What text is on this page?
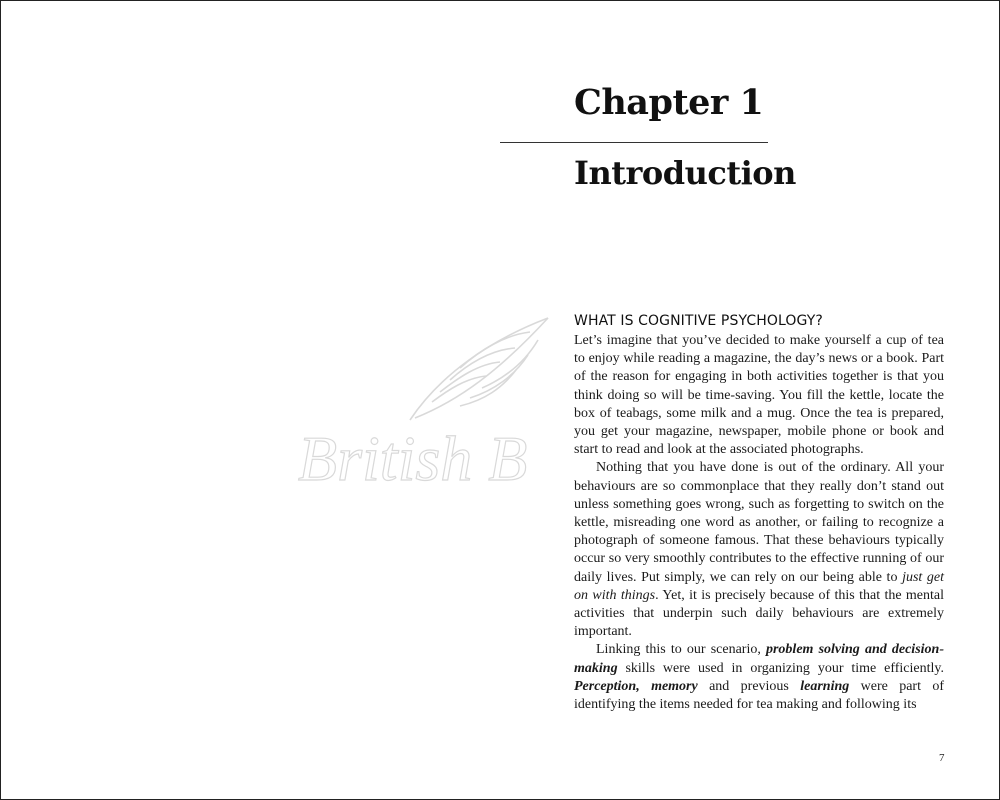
Chapter 1
Introduction
British B
WHAT IS COGNITIVE PSYCHOLOGY?

Let’s imagine that you’ve decided to make yourself a cup of tea to enjoy while reading a magazine, the day’s news or a book. Part of the reason for engaging in both activities together is that you think doing so will be time-saving. You fill the kettle, locate the box of teabags, some milk and a mug. Once the tea is prepared, you get your magazine, newspaper, mobile phone or book and start to read and look at the associated photographs.

Nothing that you have done is out of the ordinary. All your behaviours are so commonplace that they really don’t stand out unless something goes wrong, such as forgetting to switch on the kettle, misreading one word as another, or failing to recognize a photograph of someone famous. That these behaviours typically occur so very smoothly contributes to the effective running of our daily lives. Put simply, we can rely on our being able to just get on with things. Yet, it is precisely because of this that the mental activities that underpin such daily behaviours are extremely important.

Linking this to our scenario, problem solving and decision-making skills were used in organizing your time efficiently. Perception, memory and previous learning were part of identifying the items needed for tea making and following its

7
